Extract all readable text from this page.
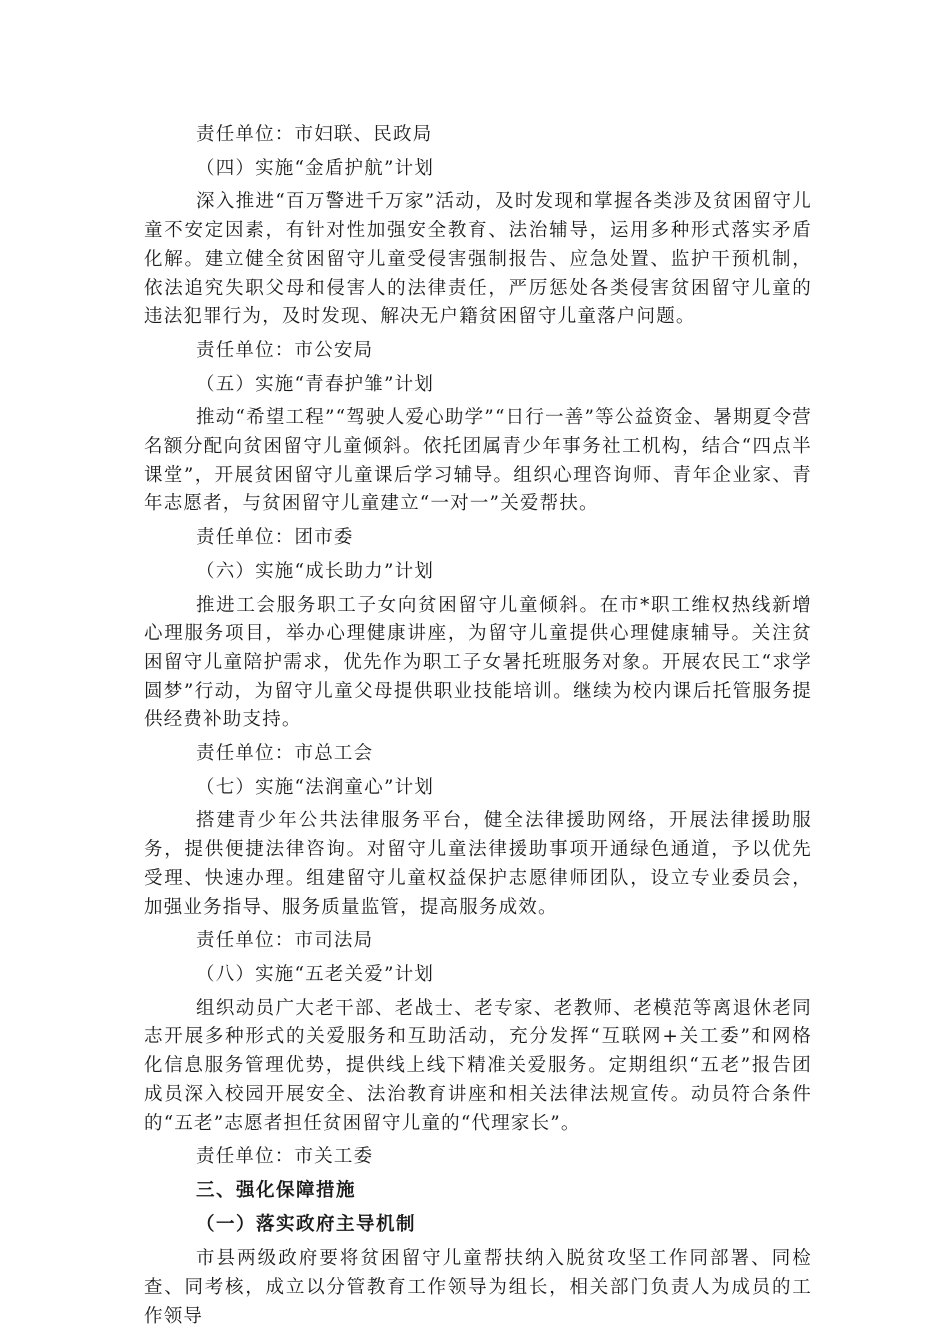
责任单位：市妇联、民政局

（四）实施“金盾护航”计划

深入推进“百万警进千万家”活动，及时发现和掌握各类涉及贫困留守儿童不安定因素，有针对性加强安全教育、法治辅导，运用多种形式落实矛盾化解。建立健全贫困留守儿童受侵害强制报告、应急处置、监护干预机制，依法追究失职父母和侵害人的法律责任，严厉惩处各类侵害贫困留守儿童的违法犯罪行为，及时发现、解决无户籍贫困留守儿童落户问题。

责任单位：市公安局

（五）实施“青春护雏”计划

推动“希望工程”“驾驶人爱心助学”“日行一善”等公益资金、暑期夏令营名额分配向贫困留守儿童倾斜。依托团属青少年事务社工机构，结合“四点半课堂”，开展贫困留守儿童课后学习辅导。组织心理咨询师、青年企业家、青年志愿者，与贫困留守儿童建立“一对一”关爱帮扶。

责任单位：团市委

（六）实施“成长助力”计划

推进工会服务职工子女向贫困留守儿童倾斜。在市*职工维权热线新增心理服务项目，举办心理健康讲座，为留守儿童提供心理健康辅导。关注贫困留守儿童陪护需求，优先作为职工子女暑托班服务对象。开展农民工“求学圆梦”行动，为留守儿童父母提供职业技能培训。继续为校内课后托管服务提供经费补助支持。

责任单位：市总工会

（七）实施“法润童心”计划

搭建青少年公共法律服务平台，健全法律援助网络，开展法律援助服务，提供便捷法律咨询。对留守儿童法律援助事项开通绿色通道，予以优先受理、快速办理。组建留守儿童权益保护志愿律师团队，设立专业委员会，加强业务指导、服务质量监管，提高服务成效。

责任单位：市司法局

（八）实施“五老关爱”计划

组织动员广大老干部、老战士、老专家、老教师、老模范等离退休老同志开展多种形式的关爱服务和互助活动，充分发挥“互联网+关工委”和网格化信息服务管理优势，提供线上线下精准关爱服务。定期组织“五老”报告团成员深入校园开展安全、法治教育讲座和相关法律法规宣传。动员符合条件的“五老”志愿者担任贫困留守儿童的“代理家长”。

责任单位：市关工委

三、强化保障措施

（一）落实政府主导机制

市县两级政府要将贫困留守儿童帮扶纳入脱贫攻坚工作同部署、同检查、同考核，成立以分管教育工作领导为组长，相关部门负责人为成员的工作领导
